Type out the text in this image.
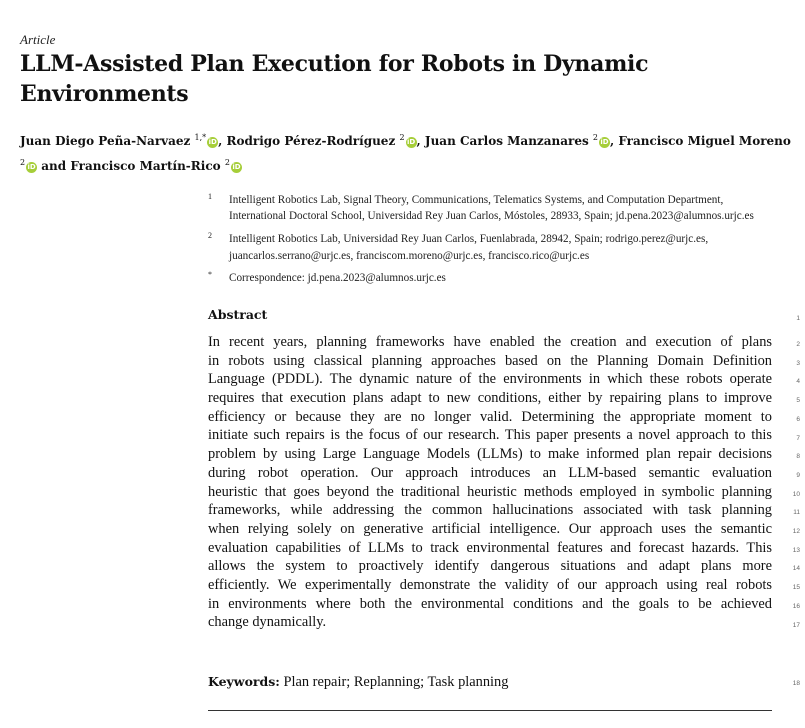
Article
LLM-Assisted Plan Execution for Robots in Dynamic Environments
Juan Diego Peña-Narvaez $^{1,*}$ iD, Rodrigo Pérez-Rodríguez $^2$ iD, Juan Carlos Manzanares $^2$ iD, Francisco Miguel Moreno $^2$ iD and Francisco Martín-Rico $^2$ iD
1 Intelligent Robotics Lab, Signal Theory, Communications, Telematics Systems, and Computation Department, International Doctoral School, Universidad Rey Juan Carlos, Móstoles, 28933, Spain; jd.pena.2023@alumnos.urjc.es
2 Intelligent Robotics Lab, Universidad Rey Juan Carlos, Fuenlabrada, 28942, Spain; rodrigo.perez@urjc.es, juancarlos.serrano@urjc.es, franciscom.moreno@urjc.es, francisco.rico@urjc.es
* Correspondence: jd.pena.2023@alumnos.urjc.es
Abstract
In recent years, planning frameworks have enabled the creation and execution of plans
in robots using classical planning approaches based on the Planning Domain Definition
Language (PDDL). The dynamic nature of the environments in which these robots operate
requires that execution plans adapt to new conditions, either by repairing plans to improve
efficiency or because they are no longer valid. Determining the appropriate moment to
initiate such repairs is the focus of our research. This paper presents a novel approach to this
problem by using Large Language Models (LLMs) to make informed plan repair decisions
during robot operation. Our approach introduces an LLM-based semantic evaluation
heuristic that goes beyond the traditional heuristic methods employed in symbolic planning
frameworks, while addressing the common hallucinations associated with task planning
when relying solely on generative artificial intelligence. Our approach uses the semantic
evaluation capabilities of LLMs to track environmental features and forecast hazards. This
allows the system to proactively identify dangerous situations and adapt plans more
efficiently. We experimentally demonstrate the validity of our approach using real robots
in environments where both the environmental conditions and the goals to be achieved
change dynamically.
1
2
3
4
5
6
7
8
9
10
11
12
13
14
15
16
17
18
Keywords: Plan repair; Replanning; Task planning
